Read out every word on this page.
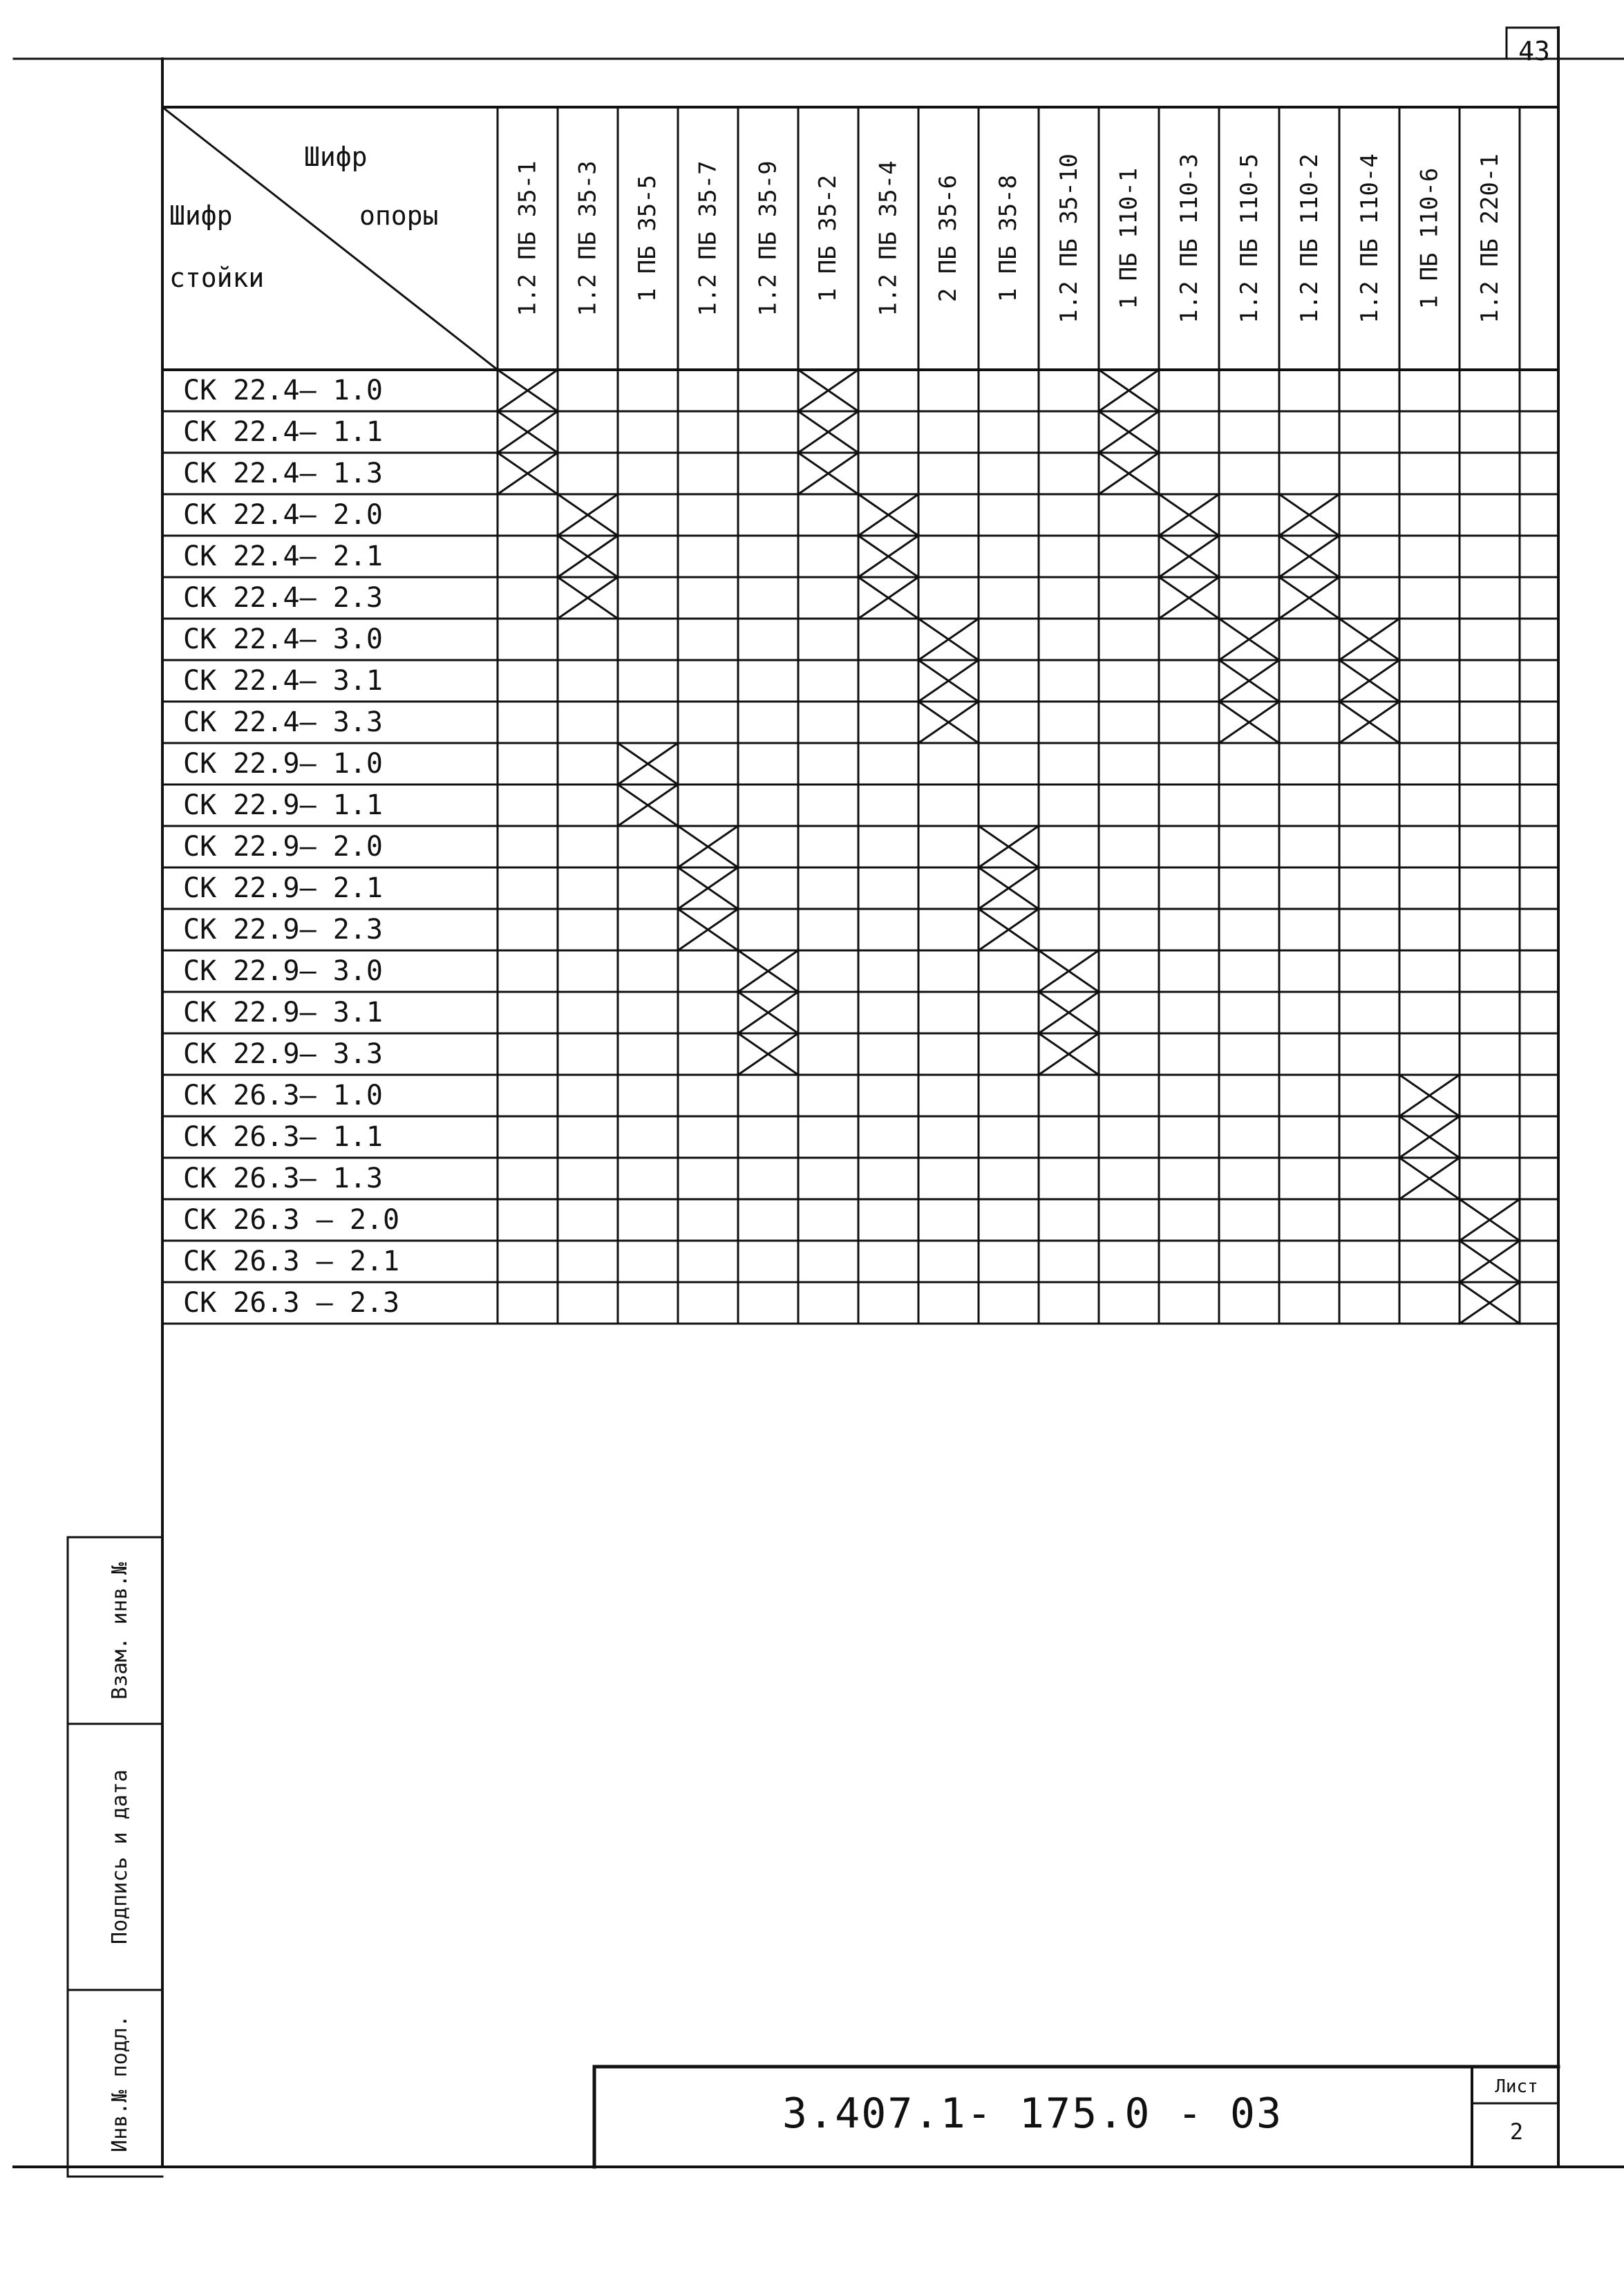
43
Шифр
опоры
Шифр
стойки	1.2 ПБ 35-1 1.2 ПБ 35-3 1 ПБ 35-5 1.2 ПБ 35-7 1.2 ПБ 35-9 1 ПБ 35-2 1.2 ПБ 35-4 2 ПБ 35-6 1 ПБ 35-8 1.2 ПБ 35-10 1 ПБ 110-1 1.2 ПБ 110-3 1.2 ПБ 110-5 1.2 ПБ 110-2 1.2 ПБ 110-4 1 ПБ 110-6 1.2 ПБ 220-1
СК 22.4— 1.0
СК 22.4— 1.1
СК 22.4— 1.3
СК 22.4— 2.0
СК 22.4— 2.1
СК 22.4— 2.3
СК 22.4— 3.0
СК 22.4— 3.1
СК 22.4— 3.3
СК 22.9— 1.0
СК 22.9— 1.1
СК 22.9— 2.0
СК 22.9— 2.1
СК 22.9— 2.3
СК 22.9— 3.0
СК 22.9— 3.1
СК 22.9— 3.3
СК 26.3— 1.0
СК 26.3— 1.1
СК 26.3— 1.3
СК 26.3 — 2.0
СК 26.3 — 2.1
СК 26.3 — 2.3
Взам. инв.№
Подпись и дата
Инв.№ подл.	3.407.1- 175.0 - 03
Лист
2
